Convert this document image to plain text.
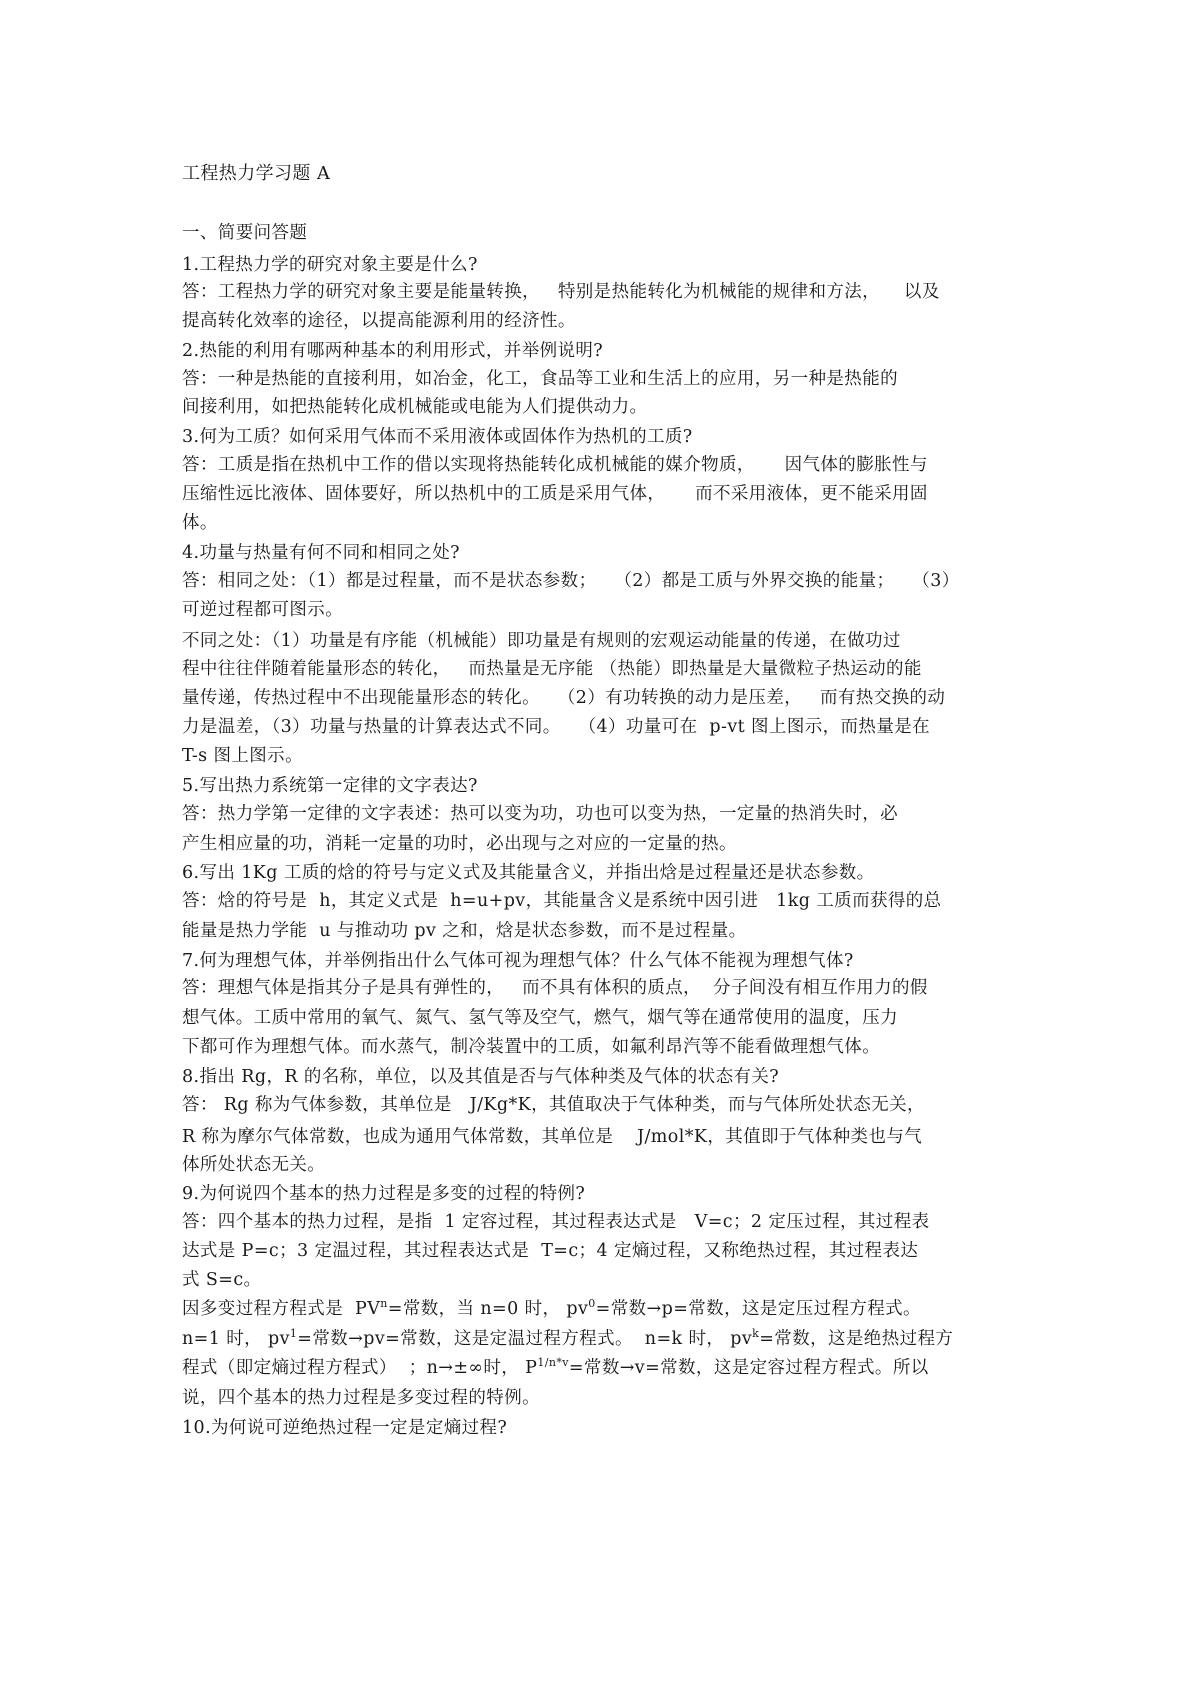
工程热力学习题 A
一、简要问答题
1.工程热力学的研究对象主要是什么?
答：工程热力学的研究对象主要是能量转换，   特别是热能转化为机械能的规律和方法，    以及
提高转化效率的途径，以提高能源利用的经济性。
2.热能的利用有哪两种基本的利用形式，并举例说明?
答：一种是热能的直接利用，如冶金，化工，食品等工业和生活上的应用，另一种是热能的
间接利用，如把热能转化成机械能或电能为人们提供动力。
3.何为工质？如何采用气体而不采用液体或固体作为热机的工质?
答：工质是指在热机中工作的借以实现将热能转化成机械能的媒介物质，     因气体的膨胀性与
压缩性远比液体、固体要好，所以热机中的工质是采用气体，     而不采用液体，更不能采用固
体。
4.功量与热量有何不同和相同之处?
答：相同之处：（1）都是过程量，而不是状态参数；   （2）都是工质与外界交换的能量；   （3）
可逆过程都可图示。
不同之处：（1）功量是有序能（机械能）即功量是有规则的宏观运动能量的传递，在做功过
程中往往伴随着能量形态的转化，   而热量是无序能 （热能）即热量是大量微粒子热运动的能
量传递，传热过程中不出现能量形态的转化。   （2）有功转换的动力是压差，   而有热交换的动
力是温差，（3）功量与热量的计算表达式不同。   （4）功量可在  p-vt 图上图示，而热量是在
T-s 图上图示。
5.写出热力系统第一定律的文字表达?
答：热力学第一定律的文字表述：热可以变为功，功也可以变为热，一定量的热消失时，必
产生相应量的功，消耗一定量的功时，必出现与之对应的一定量的热。
6.写出 1Kg 工质的焓的符号与定义式及其能量含义，并指出焓是过程量还是状态参数。
答：焓的符号是  h，其定义式是  h=u+pv，其能量含义是系统中因引进   1kg 工质而获得的总
能量是热力学能  u 与推动功 pv 之和，焓是状态参数，而不是过程量。
7.何为理想气体，并举例指出什么气体可视为理想气体？什么气体不能视为理想气体?
答：理想气体是指其分子是具有弹性的，   而不具有体积的质点，  分子间没有相互作用力的假
想气体。工质中常用的氧气、氮气、氢气等及空气，燃气，烟气等在通常使用的温度，压力
下都可作为理想气体。而水蒸气，制冷装置中的工质，如氟利昂汽等不能看做理想气体。
8.指出 Rg，R 的名称，单位，以及其值是否与气体种类及气体的状态有关?
答： Rg 称为气体参数，其单位是   J/Kg*K，其值取决于气体种类，而与气体所处状态无关，
R 称为摩尔气体常数，也成为通用气体常数，其单位是    J/mol*K，其值即于气体种类也与气
体所处状态无关。
9.为何说四个基本的热力过程是多变的过程的特例?
答：四个基本的热力过程，是指  1 定容过程，其过程表达式是   V=c；2 定压过程，其过程表
达式是 P=c；3 定温过程，其过程表达式是  T=c；4 定熵过程，又称绝热过程，其过程表达
式 S=c。
因多变过程方程式是  $PV^n=$常数，当 n=0 时， $pv^0=$常数→p=常数，这是定压过程方程式。
n=1 时， $pv^1=$常数→pv=常数，这是定温过程方程式。  n=k 时， $pv^k=$常数，这是绝热过程方
程式（即定熵过程方程式）  ；n→±∞时， $P^{1/n*v}=$常数→v=常数，这是定容过程方程式。所以
说，四个基本的热力过程是多变过程的特例。
10.为何说可逆绝热过程一定是定熵过程?
